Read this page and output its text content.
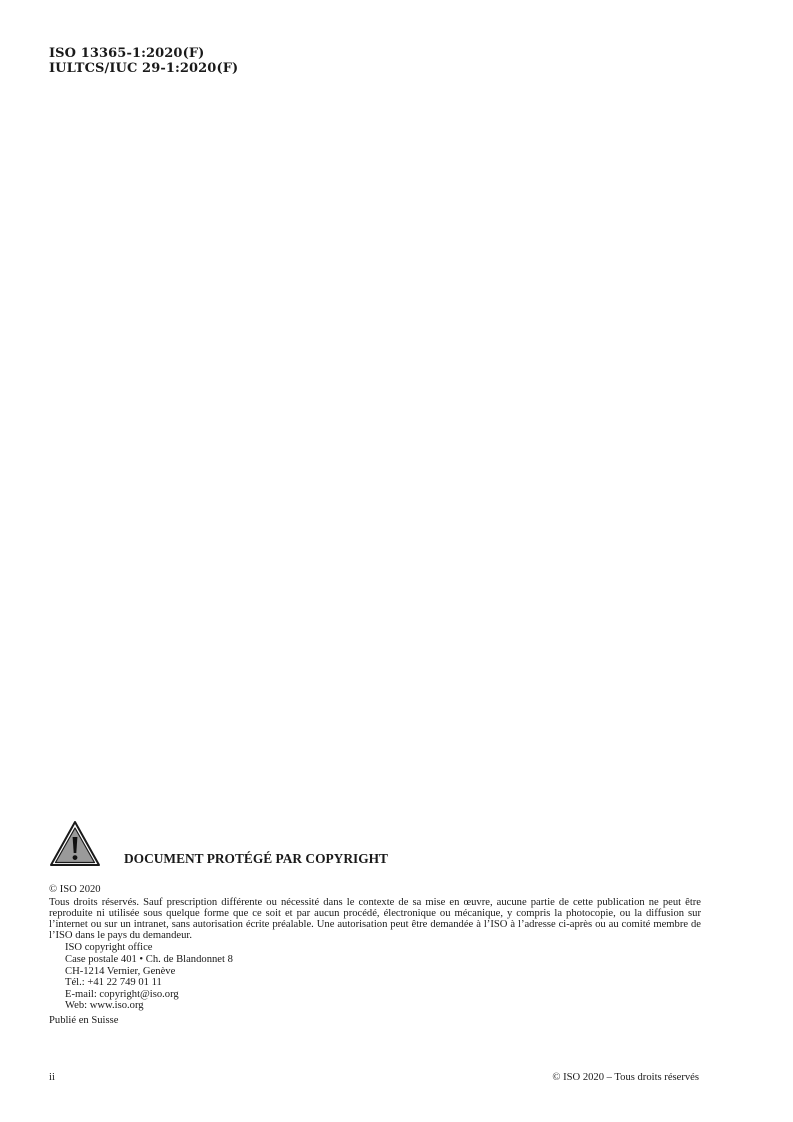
ISO 13365-1:2020(F)
IULTCS/IUC 29-1:2020(F)
DOCUMENT PROTÉGÉ PAR COPYRIGHT
© ISO 2020
Tous droits réservés. Sauf prescription différente ou nécessité dans le contexte de sa mise en œuvre, aucune partie de cette publication ne peut être reproduite ni utilisée sous quelque forme que ce soit et par aucun procédé, électronique ou mécanique, y compris la photocopie, ou la diffusion sur l’internet ou sur un intranet, sans autorisation écrite préalable. Une autorisation peut être demandée à l’ISO à l’adresse ci-après ou au comité membre de l’ISO dans le pays du demandeur.
ISO copyright office
Case postale 401 • Ch. de Blandonnet 8
CH-1214 Vernier, Genève
Tél.: +41 22 749 01 11
E-mail: copyright@iso.org
Web: www.iso.org
Publié en Suisse
ii	© ISO 2020 – Tous droits réservés
